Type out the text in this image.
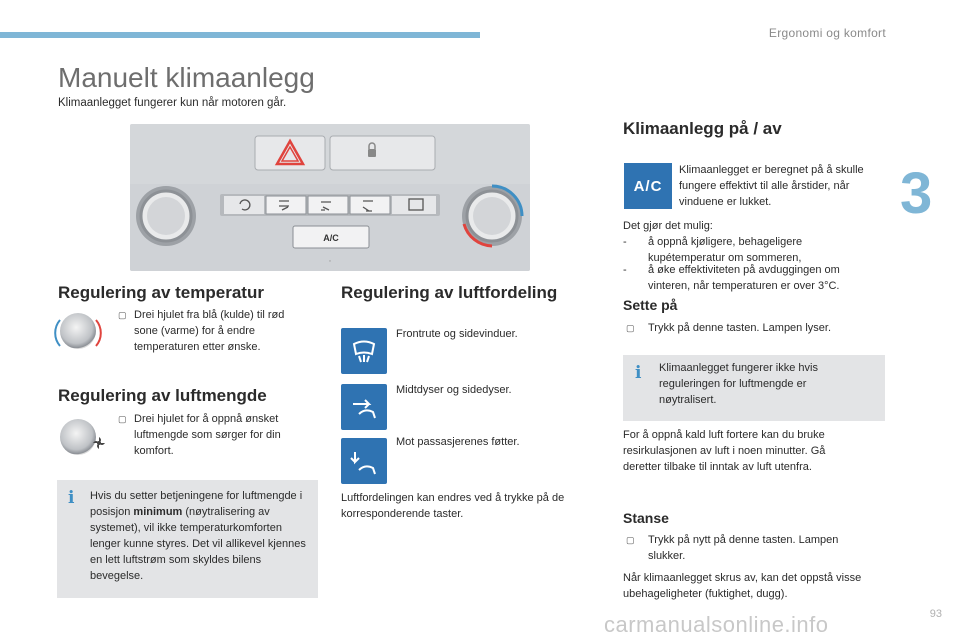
Ergonomi og komfort
3
Manuelt klimaanlegg
Klimaanlegget fungerer kun når motoren går.
A/C
*
Regulering av temperatur
▢ Drei hjulet fra blå (kulde) til rød sone (varme) for å endre temperaturen etter ønske.
Regulering av luftmengde
▢ Drei hjulet for å oppnå ønsket luftmengde som sørger for din komfort.
i	Hvis du setter betjeningene for luftmengde i posisjon minimum (nøytralisering av systemet), vil ikke temperaturkomforten lenger kunne styres. Det vil allikevel kjennes en lett luftstrøm som skyldes bilens bevegelse.
Regulering av luftfordeling
Frontrute og sidevinduer.
Midtdyser og sidedyser.
Mot passasjerenes føtter.
Luftfordelingen kan endres ved å trykke på de korresponderende taster.
Klimaanlegg på / av
A/C
Klimaanlegget er beregnet på å skulle fungere effektivt til alle årstider, når vinduene er lukket.
Det gjør det mulig:
- å oppnå kjøligere, behageligere kupétemperatur om sommeren,
- å øke effektiviteten på avduggingen om vinteren, når temperaturen er over 3°C.
Sette på
▢ Trykk på denne tasten. Lampen lyser.
i	Klimaanlegget fungerer ikke hvis reguleringen for luftmengde er nøytralisert.
For å oppnå kald luft fortere kan du bruke resirkulasjonen av luft i noen minutter. Gå deretter tilbake til inntak av luft utenfra.
Stanse
▢ Trykk på nytt på denne tasten. Lampen slukker.
Når klimaanlegget skrus av, kan det oppstå visse ubehageligheter (fuktighet, dugg).
93
carmanualsonline.info
